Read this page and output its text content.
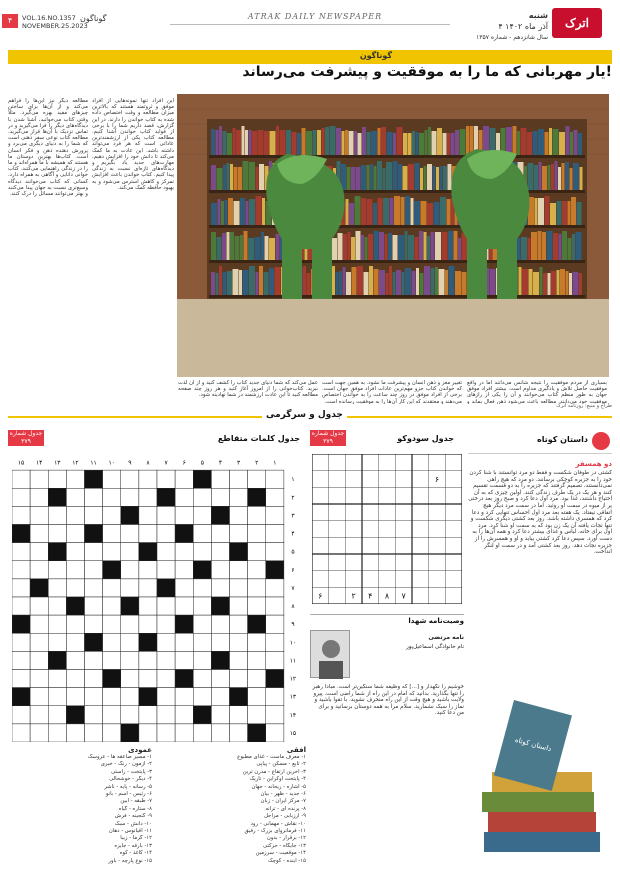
اترک
شنبه
۴ آذر ماه ۱۴۰۲
سال شانزدهم - شماره ۱۳۵۷
ATRAK DAILY NEWSPAPER
VOL.16.NO.1357
NOVEMBER.25.2023
گوناگون
۴
گوناگون
یار مهربانی که ما را به موفقیت و پیشرفت می‌رساند!
مطالعه دیگر نیز این‌ها را فراهم می‌کند و از آن‌ها برای ساختن چیزهای مفید بهره می‌گیرد. مثلاً وقتی کتاب می‌خوانید، آشنا شدن با دیدگاه‌های دیگر را فرا می‌گیرید و در تماس نزدیک با آن‌ها قرار می‌گیرید. مطالعه کتاب نوعی سفر ذهنی است که شما را به دنیای دیگری می‌برد و پرورش دهنده ذهن و فکر انسان است. کتاب‌ها بهترین دوستان ما هستند که همیشه با ما همراه‌اند و ما را در زندگی راهنمایی می‌کنند. کتاب خوانی دانایی و آگاهی به همراه دارد. کسانی که کتاب می‌خوانند دیدگاه وسیع‌تری نسبت به جهان پیدا می‌کنند و بهتر می‌توانند مسائل را درک کنند.
این افراد تنها نمونه‌هایی از افراد موفق و ثروتمند هستند که بالاترین میزان مطالعه و وقت اختصاص داده شده به کتاب خواندن را دارند. در این گزارش، قصد داریم شما را با برخی از فواید کتاب خواندن آشنا کنیم. مطالعه کتاب یکی از ارزشمندترین عاداتی است که هر فرد می‌تواند داشته باشد. این عادت به ما کمک می‌کند تا دانش خود را افزایش دهیم، مهارت‌های جدید یاد بگیریم و دیدگاه‌های تازه‌ای نسبت به زندگی پیدا کنیم. کتاب خواندن باعث افزایش تمرکز و کاهش استرس می‌شود و به بهبود حافظه کمک می‌کند.
بسیاری از مردم موفقیت را نتیجه شانس می‌دانند اما در واقع موفقیت حاصل تلاش و یادگیری مداوم است. بیشتر افراد موفق جهان به طور منظم کتاب می‌خوانند و آن را یکی از رازهای موفقیت خود می‌دانند. مطالعه باعث می‌شود ذهن فعال بماند و
تغییر مغز و ذهن انسان و پیشرفت ما نشود. به همین جهت است که خواندن کتاب جزو مهم‌ترین عادات افراد موفق جهان است. برخی از افراد موفق در روز چند ساعت را به خواندن اختصاص می‌دهند و معتقدند که این کار آن‌ها را به موفقیت رسانده است.
عمل می‌کند که شما دنیای جدید کتاب را کشف کنید و از آن لذت ببرید. کتاب‌خوانی را از امروز آغاز کنید و هر روز چند صفحه مطالعه کنید تا این عادت ارزشمند در شما نهادینه شود.
طراح و منبع: روزنامه اترک
جدول و سرگرمی
داستان کوتاه
دو همسفر
کشتی در طوفان شکست و فقط دو مرد توانستند با شنا کردن خود را به جزیره کوچکی برسانند. دو مرد که هیچ راهی نمی‌دانستند، تصمیم گرفتند که جزیره را به دو قسمت تقسیم کنند و هر یک در یک طرف زندگی کنند. اولین چیزی که به آن احتیاج داشتند، غذا بود. مرد اول دعا کرد و صبح روز بعد درختی پر از میوه در سمت او روئید. اما در سمت مرد دیگر هیچ اتفاقی نیفتاد. یک هفته بعد مرد اول احساس تنهایی کرد و دعا کرد که همسری داشته باشد. روز بعد کشتی دیگری شکست و تنها نجات یافته آن یک زن بود که به سمت او شنا کرد. مرد اول برای خانه، لباس و غذای بیشتر دعا کرد و همه آن‌ها را به دست آورد. سپس دعا کرد کشتی بیاید و او و همسرش را از جزیره نجات دهد. روز بعد کشتی آمد و در سمت او لنگر انداخت.
داستان کوتاه
جدول شماره ۳۷۹	جدول سودوکو
۶
۷
۸
۴
۲
۶
وصیت‌نامه شهدا
نامه مرتضی
نام خانوادگی اسماعیل‌پور
خوشیم را نگهدار و [...] که وظیفه شما سنگین‌تر است. مبادا رهبر را تنها بگذارید. بدانید که امام در این راه از شما راضی است. پیرو ولایت باشید و هیچ وقت از این راه منحرف نشوید. با تقوا باشید و نماز را سبک نشمارید. سلام مرا به همه دوستان برسانید و برای من دعا کنید.
جدول شماره ۳۷۹	جدول کلمات متقاطع
۱۵ ۱۴ ۱۳ ۱۲ ۱۱ ۱۰ ۹ ۸ ۷ ۶ ۵ ۴ ۳ ۲ ۱
۱
۲
۳
۴
۵
۶
۷
۸
۹
۱۰
۱۱
۱۲
۱۳
۱۴
۱۵
افقی
۱- معرف ماست - غذای مطبوع
۲- تابع - مسکن - پیاپی
۳- آخرین ارتفاع - مدرن ترین
۴- پایتخت اوکراین - تاریک
۵- اشاره - ریحانه - جهان
۶- جدید - ظهر - بیان
۷- مرکز ایران - زبان
۸- پرنده ای - ترانه
۹- ارزیابی - مراحل
۱۰- نقاش - مهمانی - رود
۱۱- فرمانروای بزرگ - رفیق
۱۲- برقرار - بدون
۱۳- جایگاه - حرکتی
۱۴- موقعیت - سرزمین
۱۵- آینده - کوچک
عمودی
۱- مسیر صاعقه ها - عروسک
۲- آزمون - رنگ - خبری
۳- پایتخت - راستی
۴- دیگر - خوشحالی
۵- رسانه - پایه - ناشر
۶- رئیس - اسم - بانو
۷- طبقه - آیین
۸- ستاره - گیاه
۹- گنجینه - فرش
۱۰- دانش - سبک
۱۱- اقیانوس - دهان
۱۲- گرما - زیبا
۱۳- بارقه - جایزه
۱۴- کاغذ - کوه
۱۵- نوع پارچه - باور
